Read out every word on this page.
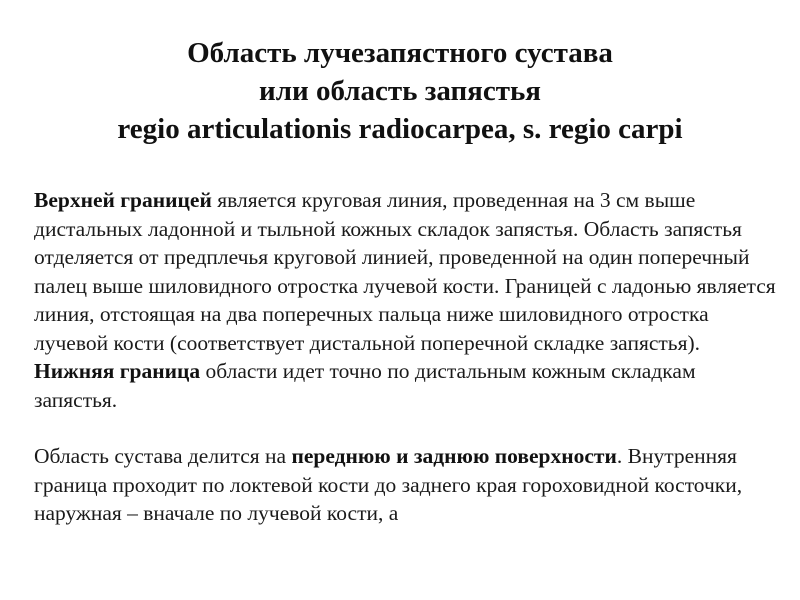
Область лучезапястного сустава
или область запястья
regio articulationis radiocarpea, s. regio carpi

Верхней границей является круговая линия, проведенная на 3 см выше дистальных ладонной и тыльной кожных складок запястья. Область запястья отделяется от предплечья круговой линией, проведенной на один поперечный палец выше шиловидного отростка лучевой кости. Границей с ладонью является линия, отстоящая на два поперечных пальца ниже шиловидного отростка лучевой кости (соответствует дистальной поперечной складке запястья). Нижняя граница области идет точно по дистальным кожным складкам запястья.

Область сустава делится на переднюю и заднюю поверхности. Внутренняя граница проходит по локтевой кости до заднего края гороховидной косточки, наружная – вначале по лучевой кости, а
